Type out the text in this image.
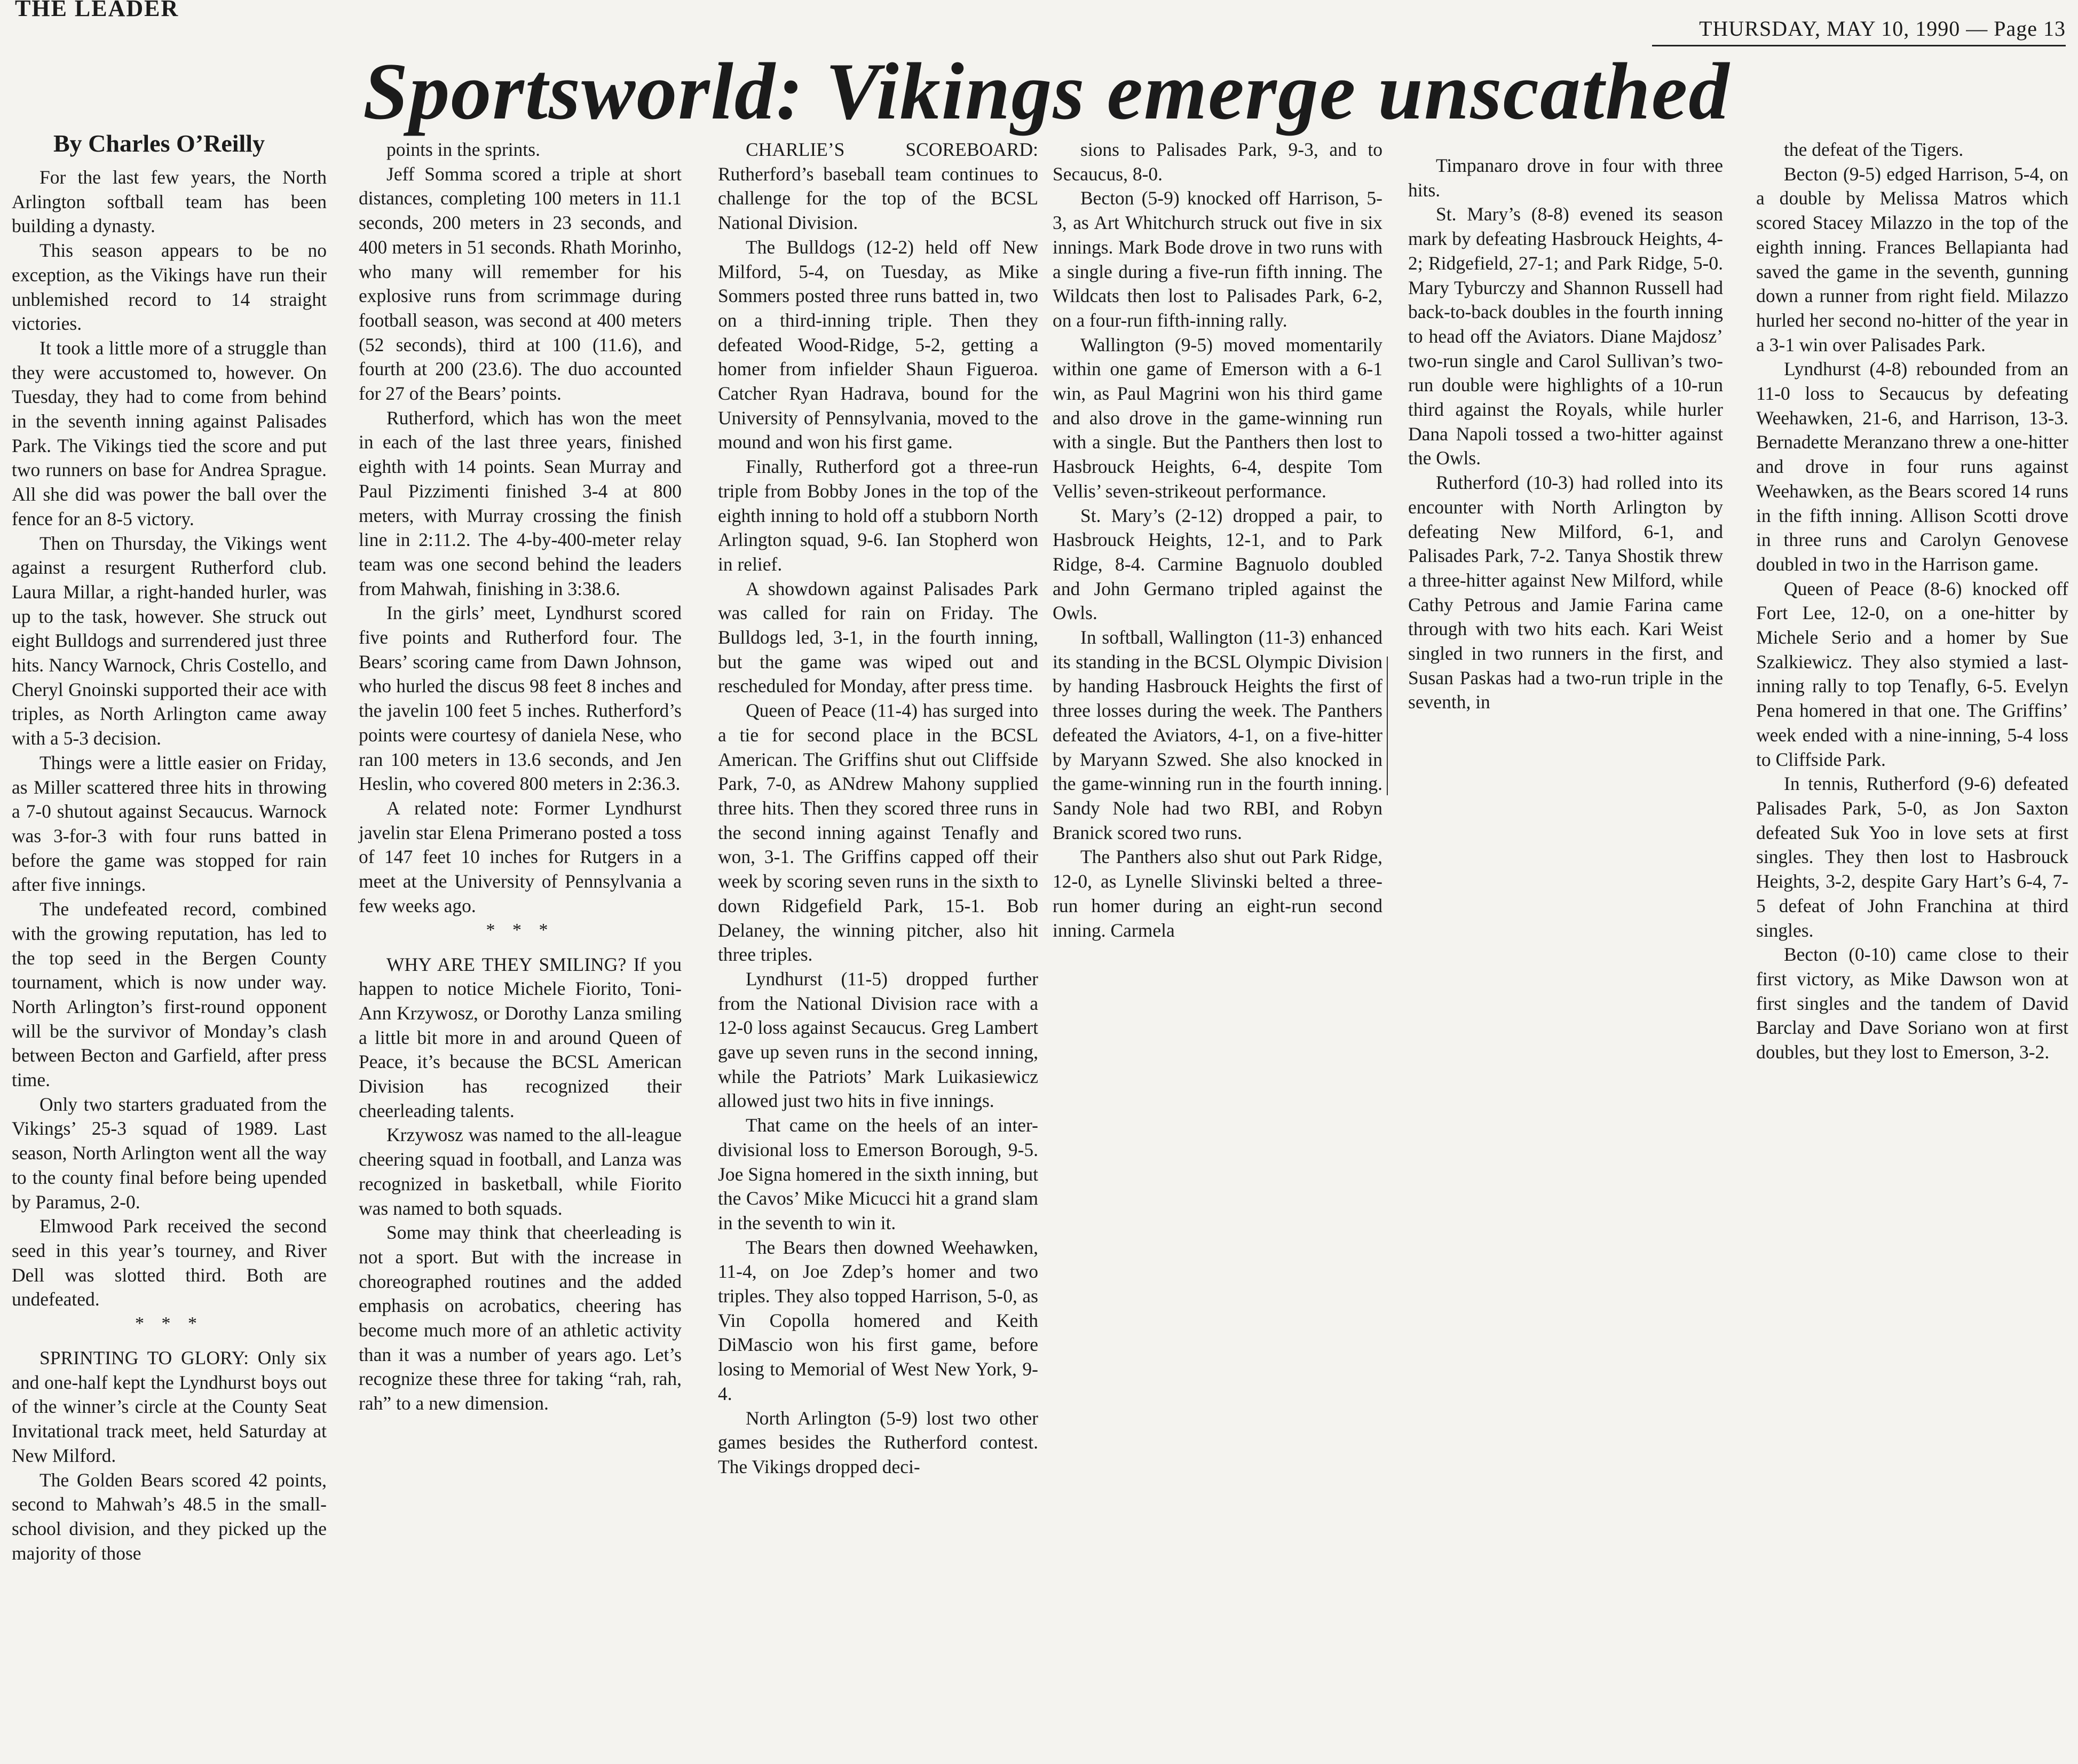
THE LEADER
THURSDAY, MAY 10, 1990 — Page 13
Sportsworld: Vikings emerge unscathed
By Charles O’Reilly

For the last few years, the North Arlington softball team has been building a dynasty.

This season appears to be no exception, as the Vikings have run their unblemished record to 14 straight victories.

It took a little more of a struggle than they were accustomed to, however. On Tuesday, they had to come from behind in the seventh inning against Palisades Park. The Vikings tied the score and put two runners on base for Andrea Sprague. All she did was power the ball over the fence for an 8-5 victory.

Then on Thursday, the Vikings went against a resurgent Rutherford club. Laura Millar, a right-handed hurler, was up to the task, however. She struck out eight Bulldogs and surrendered just three hits. Nancy Warnock, Chris Costello, and Cheryl Gnoinski supported their ace with triples, as North Arlington came away with a 5-3 decision.

Things were a little easier on Friday, as Miller scattered three hits in throwing a 7-0 shutout against Secaucus. Warnock was 3-for-3 with four runs batted in before the game was stopped for rain after five innings.

The undefeated record, combined with the growing reputation, has led to the top seed in the Bergen County tournament, which is now under way. North Arlington’s first-round opponent will be the survivor of Monday’s clash between Becton and Garfield, after press time.

Only two starters graduated from the Vikings’ 25-3 squad of 1989. Last season, North Arlington went all the way to the county final before being upended by Paramus, 2-0.

Elmwood Park received the second seed in this year’s tourney, and River Dell was slotted third. Both are undefeated.

* * *

SPRINTING TO GLORY: Only six and one-half kept the Lyndhurst boys out of the winner’s circle at the County Seat Invitational track meet, held Saturday at New Milford.

The Golden Bears scored 42 points, second to Mahwah’s 48.5 in the small-school division, and they picked up the majority of those

points in the sprints.

Jeff Somma scored a triple at short distances, completing 100 meters in 11.1 seconds, 200 meters in 23 seconds, and 400 meters in 51 seconds. Rhath Morinho, who many will remember for his explosive runs from scrimmage during football season, was second at 400 meters (52 seconds), third at 100 (11.6), and fourth at 200 (23.6). The duo accounted for 27 of the Bears’ points.

Rutherford, which has won the meet in each of the last three years, finished eighth with 14 points. Sean Murray and Paul Pizzimenti finished 3-4 at 800 meters, with Murray crossing the finish line in 2:11.2. The 4-by-400-meter relay team was one second behind the leaders from Mahwah, finishing in 3:38.6.

In the girls’ meet, Lyndhurst scored five points and Rutherford four. The Bears’ scoring came from Dawn Johnson, who hurled the discus 98 feet 8 inches and the javelin 100 feet 5 inches. Rutherford’s points were courtesy of daniela Nese, who ran 100 meters in 13.6 seconds, and Jen Heslin, who covered 800 meters in 2:36.3.

A related note: Former Lyndhurst javelin star Elena Primerano posted a toss of 147 feet 10 inches for Rutgers in a meet at the University of Pennsylvania a few weeks ago.

* * *

WHY ARE THEY SMILING? If you happen to notice Michele Fiorito, Toni-Ann Krzywosz, or Dorothy Lanza smiling a little bit more in and around Queen of Peace, it’s because the BCSL American Division has recognized their cheerleading talents.

Krzywosz was named to the all-league cheering squad in football, and Lanza was recognized in basketball, while Fiorito was named to both squads.

Some may think that cheerleading is not a sport. But with the increase in choreographed routines and the added emphasis on acrobatics, cheering has become much more of an athletic activity than it was a number of years ago. Let’s recognize these three for taking “rah, rah, rah” to a new dimension.

CHARLIE’S SCOREBOARD: Rutherford’s baseball team continues to challenge for the top of the BCSL National Division.

The Bulldogs (12-2) held off New Milford, 5-4, on Tuesday, as Mike Sommers posted three runs batted in, two on a third-inning triple. Then they defeated Wood-Ridge, 5-2, getting a homer from infielder Shaun Figueroa. Catcher Ryan Hadrava, bound for the University of Pennsylvania, moved to the mound and won his first game.

Finally, Rutherford got a three-run triple from Bobby Jones in the top of the eighth inning to hold off a stubborn North Arlington squad, 9-6. Ian Stopherd won in relief.

A showdown against Palisades Park was called for rain on Friday. The Bulldogs led, 3-1, in the fourth inning, but the game was wiped out and rescheduled for Monday, after press time.

Queen of Peace (11-4) has surged into a tie for second place in the BCSL American. The Griffins shut out Cliffside Park, 7-0, as ANdrew Mahony supplied three hits. Then they scored three runs in the second inning against Tenafly and won, 3-1. The Griffins capped off their week by scoring seven runs in the sixth to down Ridgefield Park, 15-1. Bob Delaney, the winning pitcher, also hit three triples.

Lyndhurst (11-5) dropped further from the National Division race with a 12-0 loss against Secaucus. Greg Lambert gave up seven runs in the second inning, while the Patriots’ Mark Luikasiewicz allowed just two hits in five innings.

That came on the heels of an inter-divisional loss to Emerson Borough, 9-5. Joe Signa homered in the sixth inning, but the Cavos’ Mike Micucci hit a grand slam in the seventh to win it.

The Bears then downed Weehawken, 11-4, on Joe Zdep’s homer and two triples. They also topped Harrison, 5-0, as Vin Copolla homered and Keith DiMascio won his first game, before losing to Memorial of West New York, 9-4.

North Arlington (5-9) lost two other games besides the Rutherford contest. The Vikings dropped deci-

sions to Palisades Park, 9-3, and to Secaucus, 8-0.

Becton (5-9) knocked off Harrison, 5-3, as Art Whitchurch struck out five in six innings. Mark Bode drove in two runs with a single during a five-run fifth inning. The Wildcats then lost to Palisades Park, 6-2, on a four-run fifth-inning rally.

Wallington (9-5) moved momentarily within one game of Emerson with a 6-1 win, as Paul Magrini won his third game and also drove in the game-winning run with a single. But the Panthers then lost to Hasbrouck Heights, 6-4, despite Tom Vellis’ seven-strikeout performance.

St. Mary’s (2-12) dropped a pair, to Hasbrouck Heights, 12-1, and to Park Ridge, 8-4. Carmine Bagnuolo doubled and John Germano tripled against the Owls.

In softball, Wallington (11-3) enhanced its standing in the BCSL Olympic Division by handing Hasbrouck Heights the first of three losses during the week. The Panthers defeated the Aviators, 4-1, on a five-hitter by Maryann Szwed. She also knocked in the game-winning run in the fourth inning. Sandy Nole had two RBI, and Robyn Branick scored two runs.

The Panthers also shut out Park Ridge, 12-0, as Lynelle Slivinski belted a three-run homer during an eight-run second inning. Carmela

Timpanaro drove in four with three hits.

St. Mary’s (8-8) evened its season mark by defeating Hasbrouck Heights, 4-2; Ridgefield, 27-1; and Park Ridge, 5-0. Mary Tyburczy and Shannon Russell had back-to-back doubles in the fourth inning to head off the Aviators. Diane Majdosz’ two-run single and Carol Sullivan’s two-run double were highlights of a 10-run third against the Royals, while hurler Dana Napoli tossed a two-hitter against the Owls.

Rutherford (10-3) had rolled into its encounter with North Arlington by defeating New Milford, 6-1, and Palisades Park, 7-2. Tanya Shostik threw a three-hitter against New Milford, while Cathy Petrous and Jamie Farina came through with two hits each. Kari Weist singled in two runners in the first, and Susan Paskas had a two-run triple in the seventh, in

the defeat of the Tigers.

Becton (9-5) edged Harrison, 5-4, on a double by Melissa Matros which scored Stacey Milazzo in the top of the eighth inning. Frances Bellapianta had saved the game in the seventh, gunning down a runner from right field. Milazzo hurled her second no-hitter of the year in a 3-1 win over Palisades Park.

Lyndhurst (4-8) rebounded from an 11-0 loss to Secaucus by defeating Weehawken, 21-6, and Harrison, 13-3. Bernadette Meranzano threw a one-hitter and drove in four runs against Weehawken, as the Bears scored 14 runs in the fifth inning. Allison Scotti drove in three runs and Carolyn Genovese doubled in two in the Harrison game.

Queen of Peace (8-6) knocked off Fort Lee, 12-0, on a one-hitter by Michele Serio and a homer by Sue Szalkiewicz. They also stymied a last-inning rally to top Tenafly, 6-5. Evelyn Pena homered in that one. The Griffins’ week ended with a nine-inning, 5-4 loss to Cliffside Park.

In tennis, Rutherford (9-6) defeated Palisades Park, 5-0, as Jon Saxton defeated Suk Yoo in love sets at first singles. They then lost to Hasbrouck Heights, 3-2, despite Gary Hart’s 6-4, 7-5 defeat of John Franchina at third singles.

Becton (0-10) came close to their first victory, as Mike Dawson won at first singles and the tandem of David Barclay and Dave Soriano won at first doubles, but they lost to Emerson, 3-2.
